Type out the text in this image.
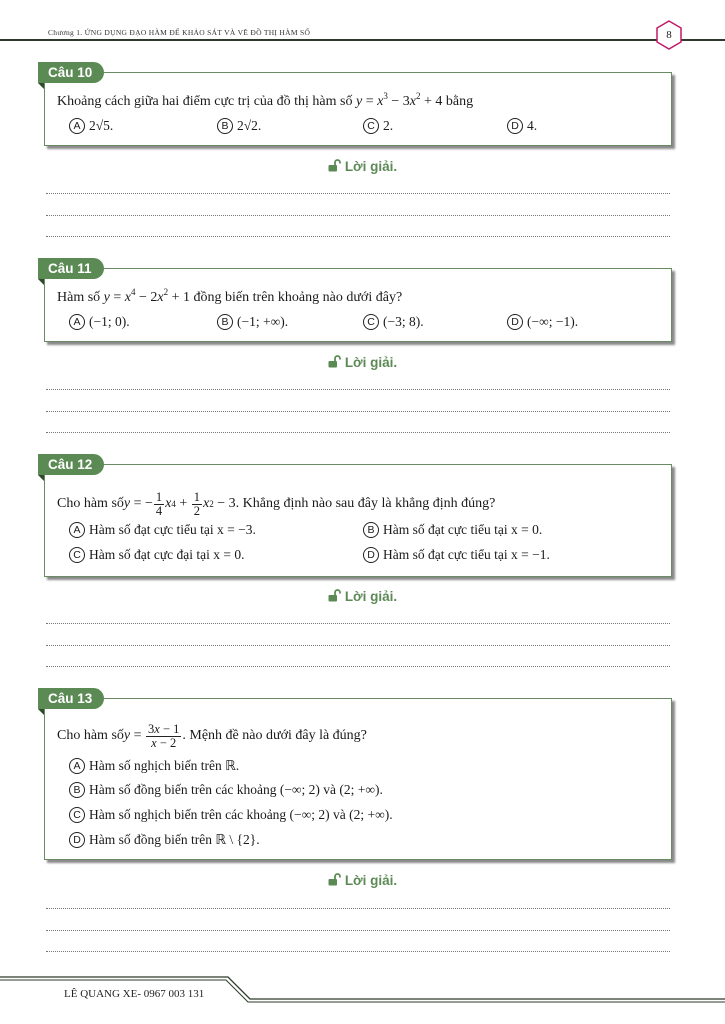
Chương 1. ỨNG DỤNG ĐẠO HÀM ĐỂ KHẢO SÁT VÀ VẼ ĐỒ THỊ HÀM SỐ	8
Câu 10
Khoảng cách giữa hai điểm cực trị của đồ thị hàm số $y = x^3 - 3x^2 + 4$ bằng
A 2√5.	B 2√2.	C 2.	D 4.
Lời giải.
Câu 11
Hàm số $y = x^4 - 2x^2 + 1$ đồng biến trên khoảng nào dưới đây?
A (−1; 0).	B (−1; +∞).	C (−3; 8).	D (−∞; −1).
Lời giải.
Câu 12
Cho hàm số y = − $\frac{1}{4}$ x $4 + \frac{1}{2}$ x 2 − 3 . Khẳng định nào sau đây là khẳng định đúng?
A Hàm số đạt cực tiểu tại x = −3.	B Hàm số đạt cực tiểu tại x = 0.
C Hàm số đạt cực đại tại x = 0.	D Hàm số đạt cực tiểu tại x = −1.
Lời giải.
Câu 13
Cho hàm số $y = \frac{3x - 1}{x - 2}$ . Mệnh đề nào dưới đây là đúng?
A Hàm số nghịch biến trên ℝ.
B Hàm số đồng biến trên các khoảng (−∞; 2) và (2; +∞).
C Hàm số nghịch biến trên các khoảng (−∞; 2) và (2; +∞).
D Hàm số đồng biến trên ℝ \ {2}.
Lời giải.
LÊ QUANG XE- 0967 003 131
